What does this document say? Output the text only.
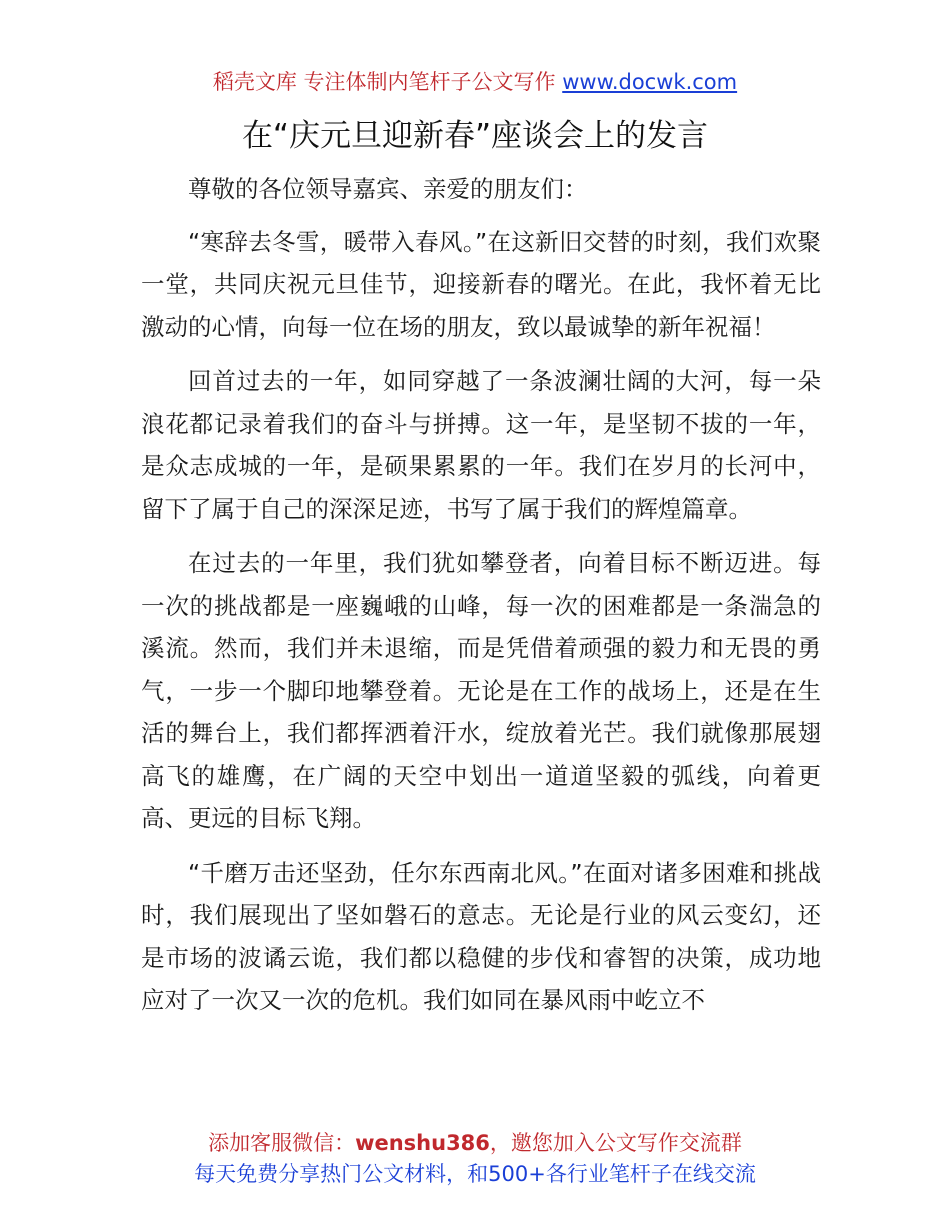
稻壳文库 专注体制内笔杆子公文写作 www.docwk.com
在“庆元旦迎新春”座谈会上的发言

尊敬的各位领导嘉宾、亲爱的朋友们：

“寒辞去冬雪，暖带入春风。”在这新旧交替的时刻，我们欢聚一堂，共同庆祝元旦佳节，迎接新春的曙光。在此，我怀着无比激动的心情，向每一位在场的朋友，致以最诚挚的新年祝福！

回首过去的一年，如同穿越了一条波澜壮阔的大河，每一朵浪花都记录着我们的奋斗与拼搏。这一年，是坚韧不拔的一年，是众志成城的一年，是硕果累累的一年。我们在岁月的长河中，留下了属于自己的深深足迹，书写了属于我们的辉煌篇章。

在过去的一年里，我们犹如攀登者，向着目标不断迈进。每一次的挑战都是一座巍峨的山峰，每一次的困难都是一条湍急的溪流。然而，我们并未退缩，而是凭借着顽强的毅力和无畏的勇气，一步一个脚印地攀登着。无论是在工作的战场上，还是在生活的舞台上，我们都挥洒着汗水，绽放着光芒。我们就像那展翅高飞的雄鹰，在广阔的天空中划出一道道坚毅的弧线，向着更高、更远的目标飞翔。

“千磨万击还坚劲，任尔东西南北风。”在面对诸多困难和挑战时，我们展现出了坚如磐石的意志。无论是行业的风云变幻，还是市场的波谲云诡，我们都以稳健的步伐和睿智的决策，成功地应对了一次又一次的危机。我们如同在暴风雨中屹立不

添加客服微信：wenshu386，邀您加入公文写作交流群
每天免费分享热门公文材料，和500+各行业笔杆子在线交流
